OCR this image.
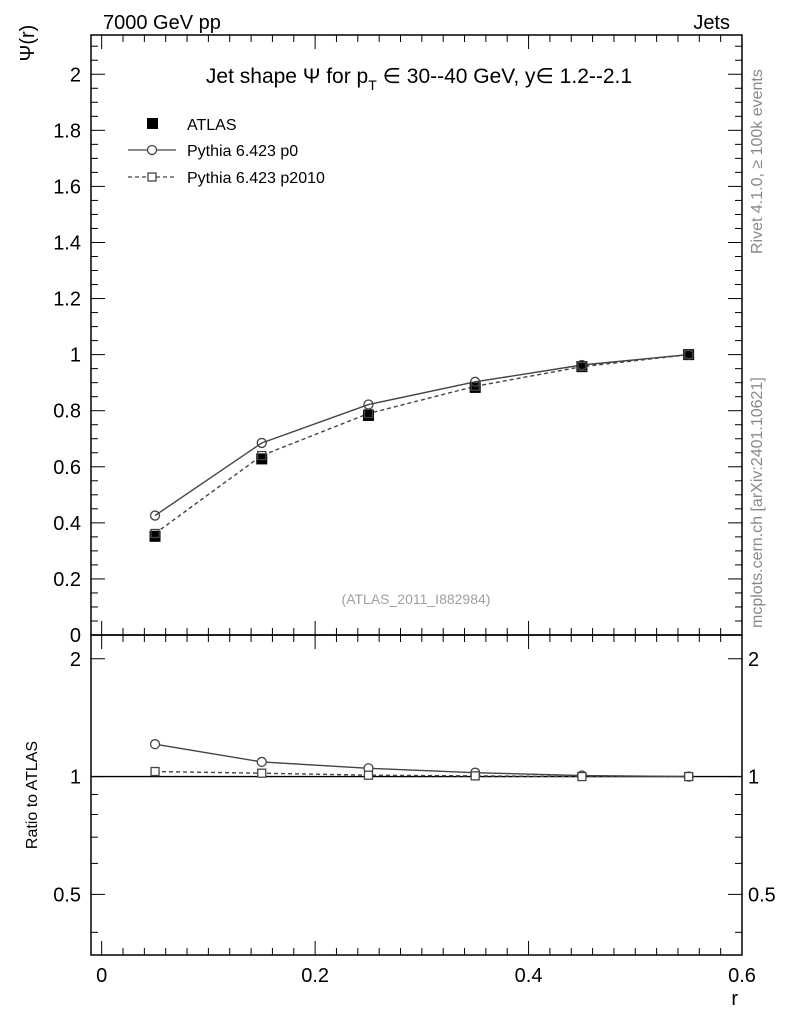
7000 GeV pp	Jets
Rivet 4.1.0, ≥ 100k events
mcplots.cern.ch [arXiv:2401.10621]
Jet shape Ψ for $p_T$ ∈ 30--40 GeV, y∈ 1.2--2.1
Ψ(r)
Ratio to ATLAS
r
(ATLAS_2011_I882984)
ATLAS
Pythia 6.423 p0
Pythia 6.423 p2010
0	0.2	0.4	0.6
0
0.2
0.4
0.6
0.8
1
1.2
1.4
1.6
1.8
2
0.5	0.5
1	1
2	2
